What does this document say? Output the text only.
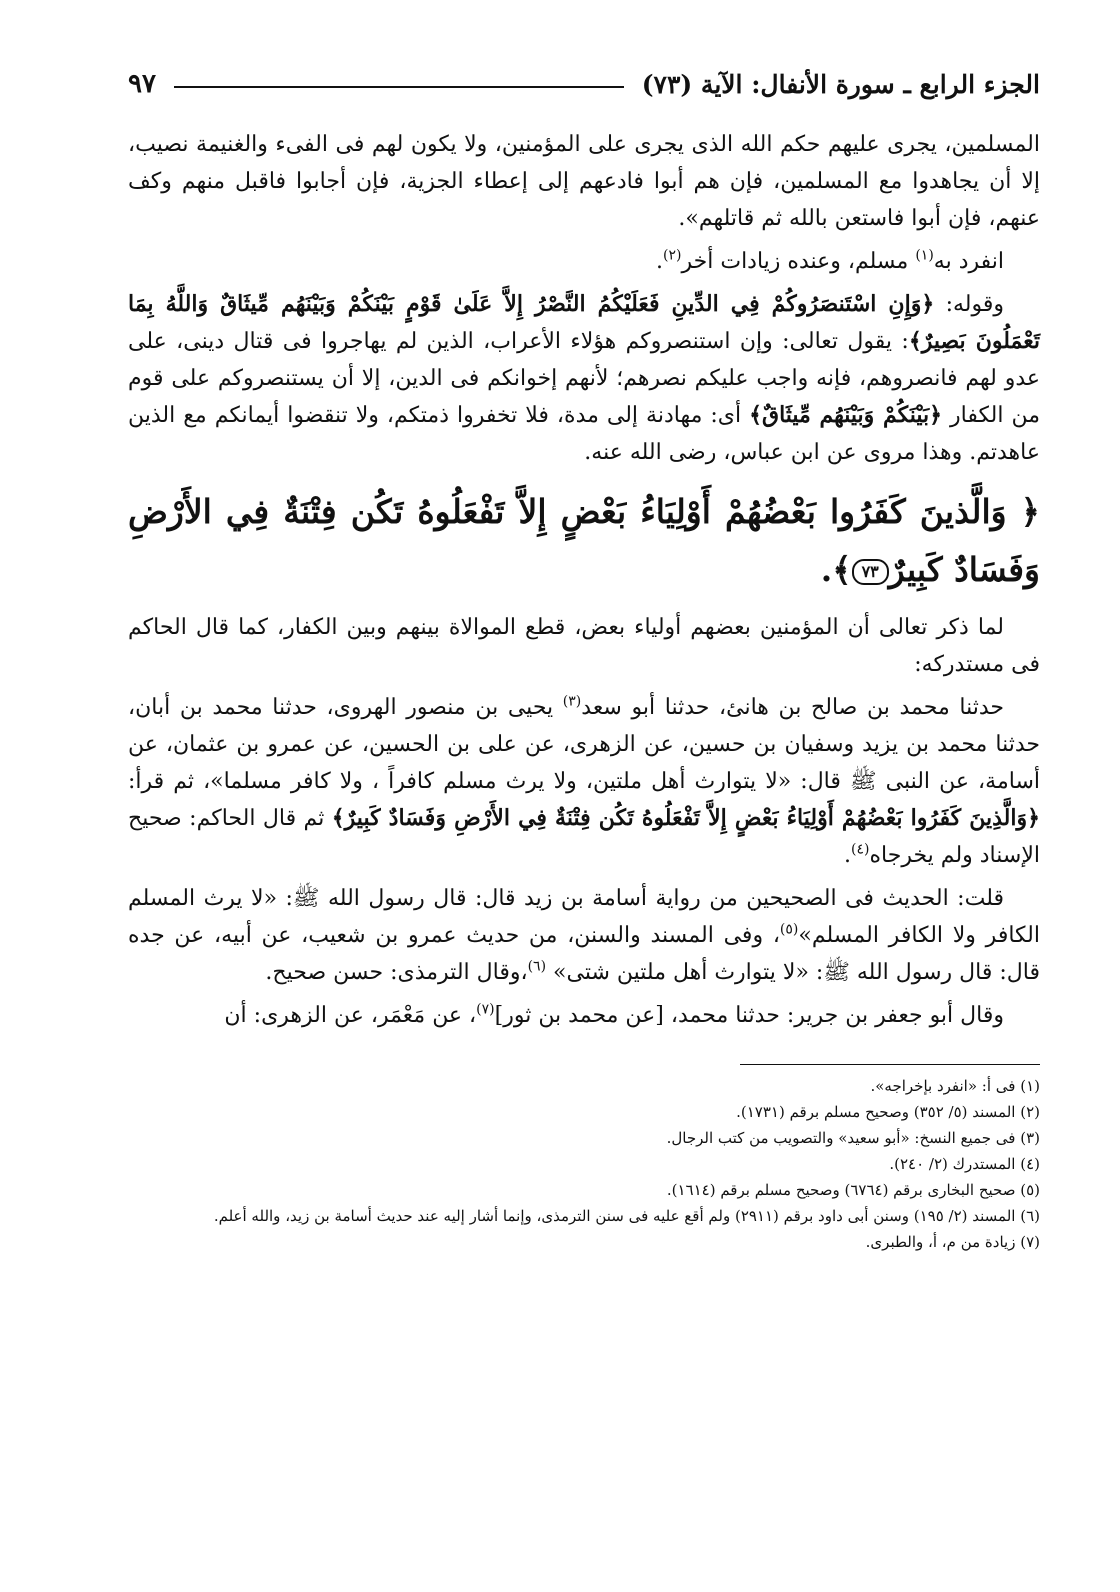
الجزء الرابع ـ سورة الأنفال: الآية (٧٣)
٩٧

المسلمين، يجرى عليهم حكم الله الذى يجرى على المؤمنين، ولا يكون لهم فى الفىء والغنيمة نصيب، إلا أن يجاهدوا مع المسلمين، فإن هم أبوا فادعهم إلى إعطاء الجزية، فإن أجابوا فاقبل منهم وكف عنهم، فإن أبوا فاستعن بالله ثم قاتلهم».

انفرد به$^{(١)}$ مسلم، وعنده زيادات أخر$^{(٢)}$.

وقوله: ﴿وَإِنِ اسْتَنصَرُوكُمْ فِي الدِّينِ فَعَلَيْكُمُ النَّصْرُ إِلاَّ عَلَىٰ قَوْمٍ بَيْنَكُمْ وَبَيْنَهُم مِّيثَاقٌ وَاللَّهُ بِمَا تَعْمَلُونَ بَصِيرٌ﴾: يقول تعالى: وإن استنصروكم هؤلاء الأعراب، الذين لم يهاجروا فى قتال دينى، على عدو لهم فانصروهم، فإنه واجب عليكم نصرهم؛ لأنهم إخوانكم فى الدين، إلا أن يستنصروكم على قوم من الكفار ﴿بَيْنَكُمْ وَبَيْنَهُم مِّيثَاقٌ﴾ أى: مهادنة إلى مدة، فلا تخفروا ذمتكم، ولا تنقضوا أيمانكم مع الذين عاهدتم. وهذا مروى عن ابن عباس، رضى الله عنه.

﴿ وَالَّذينَ كَفَرُوا بَعْضُهُمْ أَوْلِيَاءُ بَعْضٍ إِلاَّ تَفْعَلُوهُ تَكُن فِتْنَةٌ فِي الأَرْضِ وَفَسَادٌ كَبِيرٌ٧٣﴾.

لما ذكر تعالى أن المؤمنين بعضهم أولياء بعض، قطع الموالاة بينهم وبين الكفار، كما قال الحاكم فى مستدركه:

حدثنا محمد بن صالح بن هانئ، حدثنا أبو سعد$^{(٣)}$ يحيى بن منصور الهروى، حدثنا محمد بن أبان، حدثنا محمد بن يزيد وسفيان بن حسين، عن الزهرى، عن على بن الحسين، عن عمرو بن عثمان، عن أسامة، عن النبى ﷺ قال: «لا يتوارث أهل ملتين، ولا يرث مسلم كافراً ، ولا كافر مسلما»، ثم قرأ: ﴿وَالَّذِينَ كَفَرُوا بَعْضُهُمْ أَوْلِيَاءُ بَعْضٍ إِلاَّ تَفْعَلُوهُ تَكُن فِتْنَةٌ فِي الأَرْضِ وَفَسَادٌ كَبِيرٌ﴾ ثم قال الحاكم: صحيح الإسناد ولم يخرجاه$^{(٤)}$.

قلت: الحديث فى الصحيحين من رواية أسامة بن زيد قال: قال رسول الله ﷺ: «لا يرث المسلم الكافر ولا الكافر المسلم»$^{(٥)}$، وفى المسند والسنن، من حديث عمرو بن شعيب، عن أبيه، عن جده قال: قال رسول الله ﷺ: «لا يتوارث أهل ملتين شتى» $^{(٦)}$،وقال الترمذى: حسن صحيح.

وقال أبو جعفر بن جرير: حدثنا محمد، [عن محمد بن ثور]$^{(٧)}$، عن مَعْمَر، عن الزهرى: أن

(١) فى أ: «انفرد بإخراجه».

(٢) المسند (٥/ ٣٥٢) وصحيح مسلم برقم (١٧٣١).

(٣) فى جميع النسخ: «أبو سعيد» والتصويب من كتب الرجال.

(٤) المستدرك (٢/ ٢٤٠).

(٥) صحيح البخارى برقم (٦٧٦٤) وصحيح مسلم برقم (١٦١٤).

(٦) المسند (٢/ ١٩٥) وسنن أبى داود برقم (٢٩١١) ولم أقع عليه فى سنن الترمذى، وإنما أشار إليه عند حديث أسامة بن زيد، والله أعلم.

(٧) زيادة من م، أ، والطبرى.
